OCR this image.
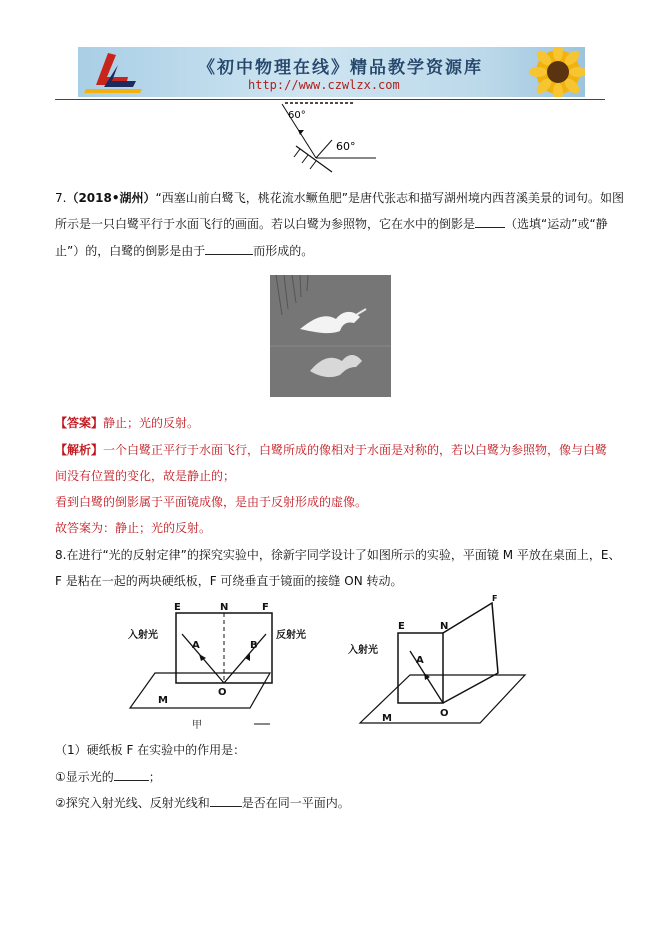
《初中物理在线》精品教学资源库
http://www.czwlzx.com
60°
60°
7.（2018•湖州）“西塞山前白鹭飞，桃花流水鳜鱼肥”是唐代张志和描写湖州境内西苕溪美景的词句。如图
所示是一只白鹭平行于水面飞行的画面。若以白鹭为参照物，它在水中的倒影是	（选填“运动”或“静
止”）的，白鹭的倒影是由于	而形成的。
【答案】静止；光的反射。
【解析】一个白鹭正平行于水面飞行，白鹭所成的像相对于水面是对称的，若以白鹭为参照物，像与白鹭
间没有位置的变化，故是静止的；
看到白鹭的倒影属于平面镜成像，是由于反射形成的虚像。
故答案为：静止；光的反射。
8.在进行“光的反射定律”的探究实验中，徐新宇同学设计了如图所示的实验，平面镜 M 平放在桌面上，E、
F 是粘在一起的两块硬纸板，F 可绕垂直于镜面的接缝 ON 转动。
E	N	F
入射光	反射光
A	B
O
M
甲
E	N
F
入射光
A
O
M
（1）硬纸板 F 在实验中的作用是：
①显示光的	；
②探究入射光线、反射光线和	是否在同一平面内。
